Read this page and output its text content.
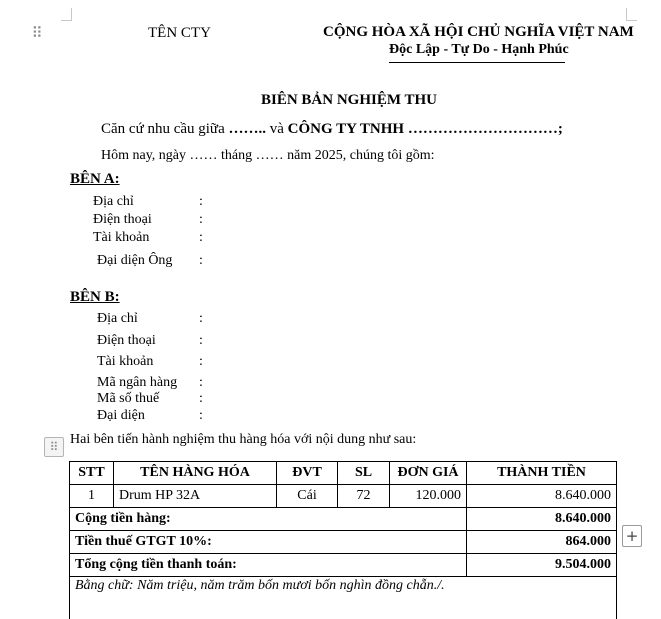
⠿	TÊN CTY	CỘNG HÒA XÃ HỘI CHỦ NGHĨA VIỆT NAM
Độc Lập - Tự Do - Hạnh Phúc
BIÊN BẢN NGHIỆM THU
Căn cứ nhu cầu giữa …….. và CÔNG TY TNHH …………………………;
Hôm nay, ngày …… tháng …… năm 2025, chúng tôi gồm:
BÊN A:
Địa chỉ	:
Điện thoại	:
Tài khoản	:
Đại diện Ông :
BÊN B:
Địa chỉ	:
Điện thoại	:
Tài khoản	:
Mã ngân hàng :
Mã số thuế	:
Đại diện	:
⠿ Hai bên tiến hành nghiệm thu hàng hóa với nội dung như sau:
STT	TÊN HÀNG HÓA	ĐVT	SL	ĐƠN GIÁ	THÀNH TIỀN
1	Drum HP 32A	Cái	72	120.000	8.640.000
Cộng tiền hàng:					8.640.000
Tiền thuế GTGT 10%:					864.000
Tổng cộng tiền thanh toán:					9.504.000
Bằng chữ: Năm triệu, năm trăm bốn mươi bốn nghìn đồng chẵn./.					
+
